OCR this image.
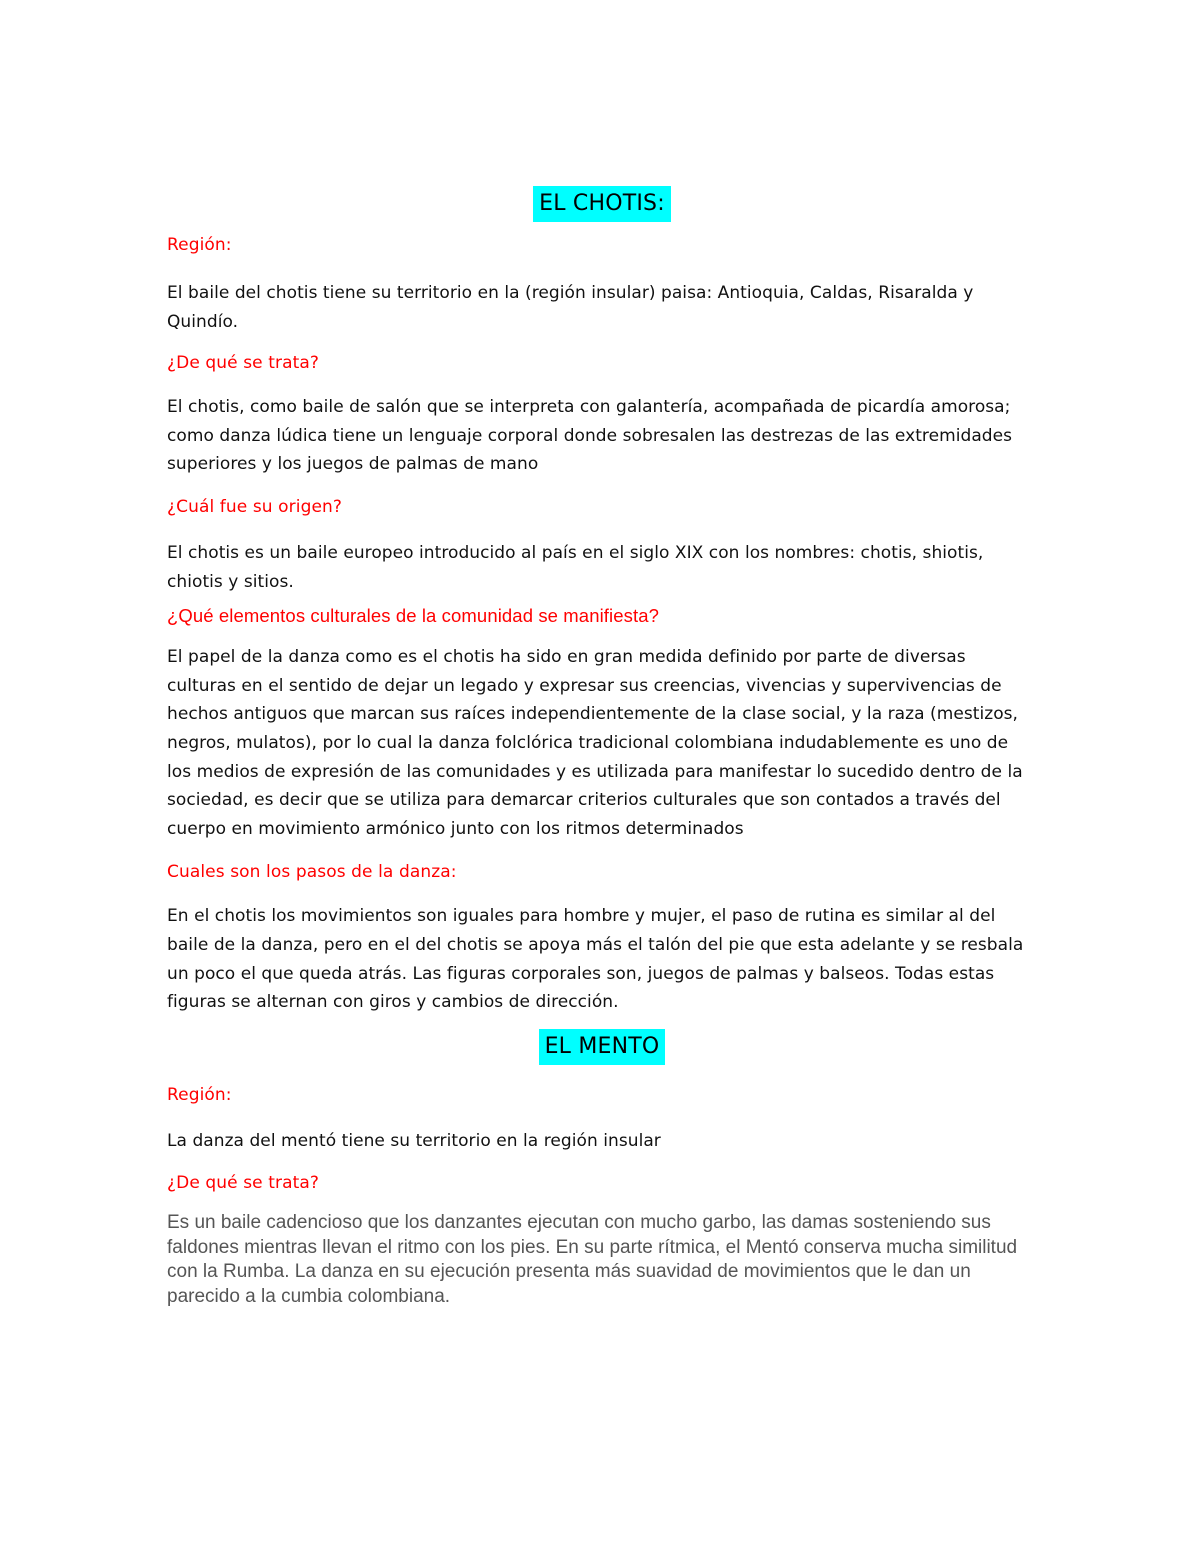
EL CHOTIS:

Región:

El baile del chotis tiene su territorio en la (región insular) paisa: Antioquia, Caldas, Risaralda y Quindío.

¿De qué se trata?

El chotis, como baile de salón que se interpreta con galantería, acompañada de picardía amorosa; como danza lúdica tiene un lenguaje corporal donde sobresalen las destrezas de las extremidades superiores y los juegos de palmas de mano

¿Cuál fue su origen?

El chotis es un baile europeo introducido al país en el siglo XIX con los nombres: chotis, shiotis, chiotis y sitios.

¿Qué elementos culturales de la comunidad se manifiesta?

El papel de la danza como es el chotis ha sido en gran medida definido por parte de diversas culturas en el sentido de dejar un legado y expresar sus creencias, vivencias y supervivencias de hechos antiguos que marcan sus raíces independientemente de la clase social, y la raza (mestizos, negros, mulatos), por lo cual la danza folclórica tradicional colombiana indudablemente es uno de los medios de expresión de las comunidades y es utilizada para manifestar lo sucedido dentro de la sociedad, es decir que se utiliza para demarcar criterios culturales que son contados a través del cuerpo en movimiento armónico junto con los ritmos determinados

Cuales son los pasos de la danza:

En el chotis los movimientos son iguales para hombre y mujer, el paso de rutina es similar al del baile de la danza, pero en el del chotis se apoya más el talón del pie que esta adelante y se resbala un poco el que queda atrás. Las figuras corporales son, juegos de palmas y balseos. Todas estas figuras se alternan con giros y cambios de dirección.

EL MENTO

Región:

La danza del mentó tiene su territorio en la región insular

¿De qué se trata?

Es un baile cadencioso que los danzantes ejecutan con mucho garbo, las damas sosteniendo sus faldones mientras llevan el ritmo con los pies. En su parte rítmica, el Mentó conserva mucha similitud con la Rumba. La danza en su ejecución presenta más suavidad de movimientos que le dan un parecido a la cumbia colombiana.
